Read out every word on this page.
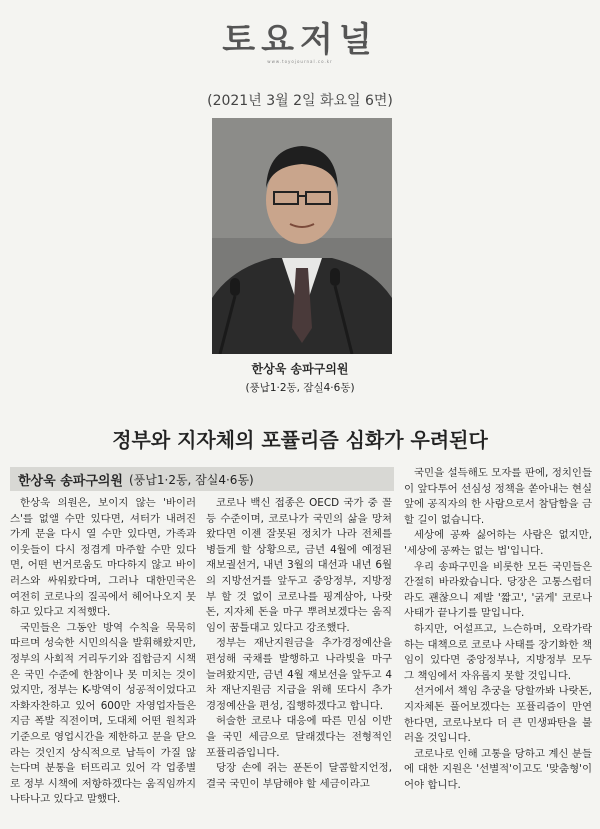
토요저널
www.toyojournal.co.kr
(2021년 3월 2일 화요일 6면)
한상욱 송파구의원
(풍납1·2동, 잠실4·6동)
정부와 지자체의 포퓰리즘 심화가 우려된다
한상욱 송파구의원 (풍납1·2동, 잠실4·6동)

한상욱 의원은, 보이지 않는 '바이러스'를 없앨 수만 있다면, 셔터가 내려진 가게 문을 다시 열 수만 있다면, 가족과 이웃들이 다시 정겹게 마주할 수만 있다면, 어떤 번거로움도 마다하지 않고 바이러스와 싸워왔다며, 그러나 대한민국은 여전히 코로나의 질곡에서 헤어나오지 못하고 있다고 지적했다.

국민들은 그동안 방역 수칙을 묵묵히 따르며 성숙한 시민의식을 발휘해왔지만, 정부의 사회적 거리두기와 집합금지 시책은 국민 수준에 한참이나 못 미치는 것이었지만, 정부는 K-방역이 성공적이었다고 자화자찬하고 있어 600만 자영업자들은 지금 폭발 직전이며, 도대체 어떤 원칙과 기준으로 영업시간을 제한하고 문을 닫으라는 것인지 상식적으로 납득이 가질 않는다며 분통을 터뜨리고 있어 각 업종별로 정부 시책에 저항하겠다는 움직임까지 나타나고 있다고 말했다.

코로나 백신 접종은 OECD 국가 중 꼴등 수준이며, 코로나가 국민의 삶을 망쳐왔다면 이젠 잘못된 정치가 나라 전체를 병들게 할 상황으로, 금년 4월에 예정된 재보궐선거, 내년 3월의 대선과 내년 6월의 지방선거를 앞두고 중앙정부, 지방정부 할 것 없이 코로나를 핑계삼아, 나랏돈, 지자체 돈을 마구 뿌려보겠다는 움직임이 꿈틀대고 있다고 강조했다.

정부는 재난지원금을 추가경정예산을 편성해 국채를 발행하고 나라빚을 마구 늘려왔지만, 금년 4월 재보선을 앞두고 4차 재난지원금 지급을 위해 또다시 추가경정예산을 편성, 집행하겠다고 합니다.

허술한 코로나 대응에 따른 민심 이반을 국민 세금으로 달래겠다는 전형적인 포퓰리즘입니다.

당장 손에 쥐는 푼돈이 달콤할지언정, 결국 국민이 부담해야 할 세금이라고

국민을 설득해도 모자를 판에, 정치인들이 앞다투어 선심성 정책을 쏟아내는 현실 앞에 공직자의 한 사람으로서 참담함을 금할 길이 없습니다.

세상에 공짜 싫어하는 사람은 없지만, '세상에 공짜는 없는 법'입니다.

우리 송파구민을 비롯한 모든 국민들은 간절히 바라왔습니다. 당장은 고통스럽더라도 괜찮으니 제발 '짧고', '굵게' 코로나 사태가 끝나기를 말입니다.

하지만, 어설프고, 느슨하며, 오락가락하는 대책으로 코로나 사태를 장기화한 책임이 있다면 중앙정부나, 지방정부 모두 그 책임에서 자유롭지 못할 것입니다.

선거에서 책임 추궁을 당할까봐 나랏돈, 지자체돈 풀어보겠다는 포퓰리즘이 만연한다면, 코로나보다 더 큰 민생파탄을 불러올 것입니다.

코로나로 인해 고통을 당하고 계신 분들에 대한 지원은 '선별적'이고도 '맞춤형'이어야 합니다.
